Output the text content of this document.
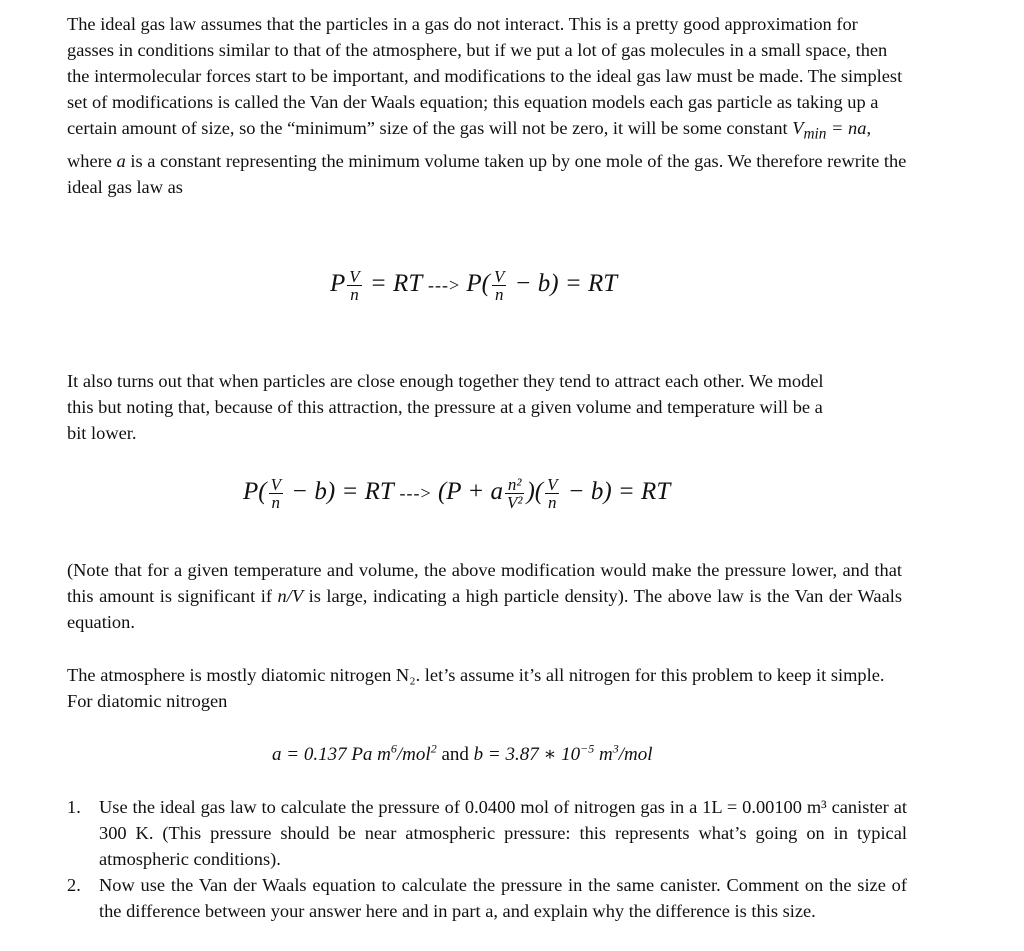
The ideal gas law assumes that the particles in a gas do not interact. This is a pretty good approximation for gasses in conditions similar to that of the atmosphere, but if we put a lot of gas molecules in a small space, then the intermolecular forces start to be important, and modifications to the ideal gas law must be made. The simplest set of modifications is called the Van der Waals equation; this equation models each gas particle as taking up a certain amount of size, so the “minimum” size of the gas will not be zero, it will be some constant $V_{min}$ = na, where a is a constant representing the minimum volume taken up by one mole of the gas. We therefore rewrite the ideal gas law as

P $\frac{V}{n}$ = RT ---> $P( \frac{V}{n} - b)$ = RT

It also turns out that when particles are close enough together they tend to attract each other. We model this but noting that, because of this attraction, the pressure at a given volume and temperature will be a bit lower.

$P( \frac{V}{n} - b)$ = RT ---> (P + a $\frac{\text{n²}}{\text{V²}}$ )( $\frac{V}{n} - b$) = RT

(Note that for a given temperature and volume, the above modification would make the pressure lower, and that this amount is significant if n/V is large, indicating a high particle density). The above law is the Van der Waals equation.

The atmosphere is mostly diatomic nitrogen N₂. let’s assume it’s all nitrogen for this problem to keep it simple. For diatomic nitrogen

a = 0.137 Pa $m^6/mol^2$ and b = 3.87 ∗ $10^{-5}$ $m^3$/mol
1. Use the ideal gas law to calculate the pressure of 0.0400 mol of nitrogen gas in a 1L = 0.00100 m³ canister at 300 K. (This pressure should be near atmospheric pressure: this represents what’s going on in typical atmospheric conditions).
2. Now use the Van der Waals equation to calculate the pressure in the same canister. Comment on the size of the difference between your answer here and in part a, and explain why the difference is this size.
